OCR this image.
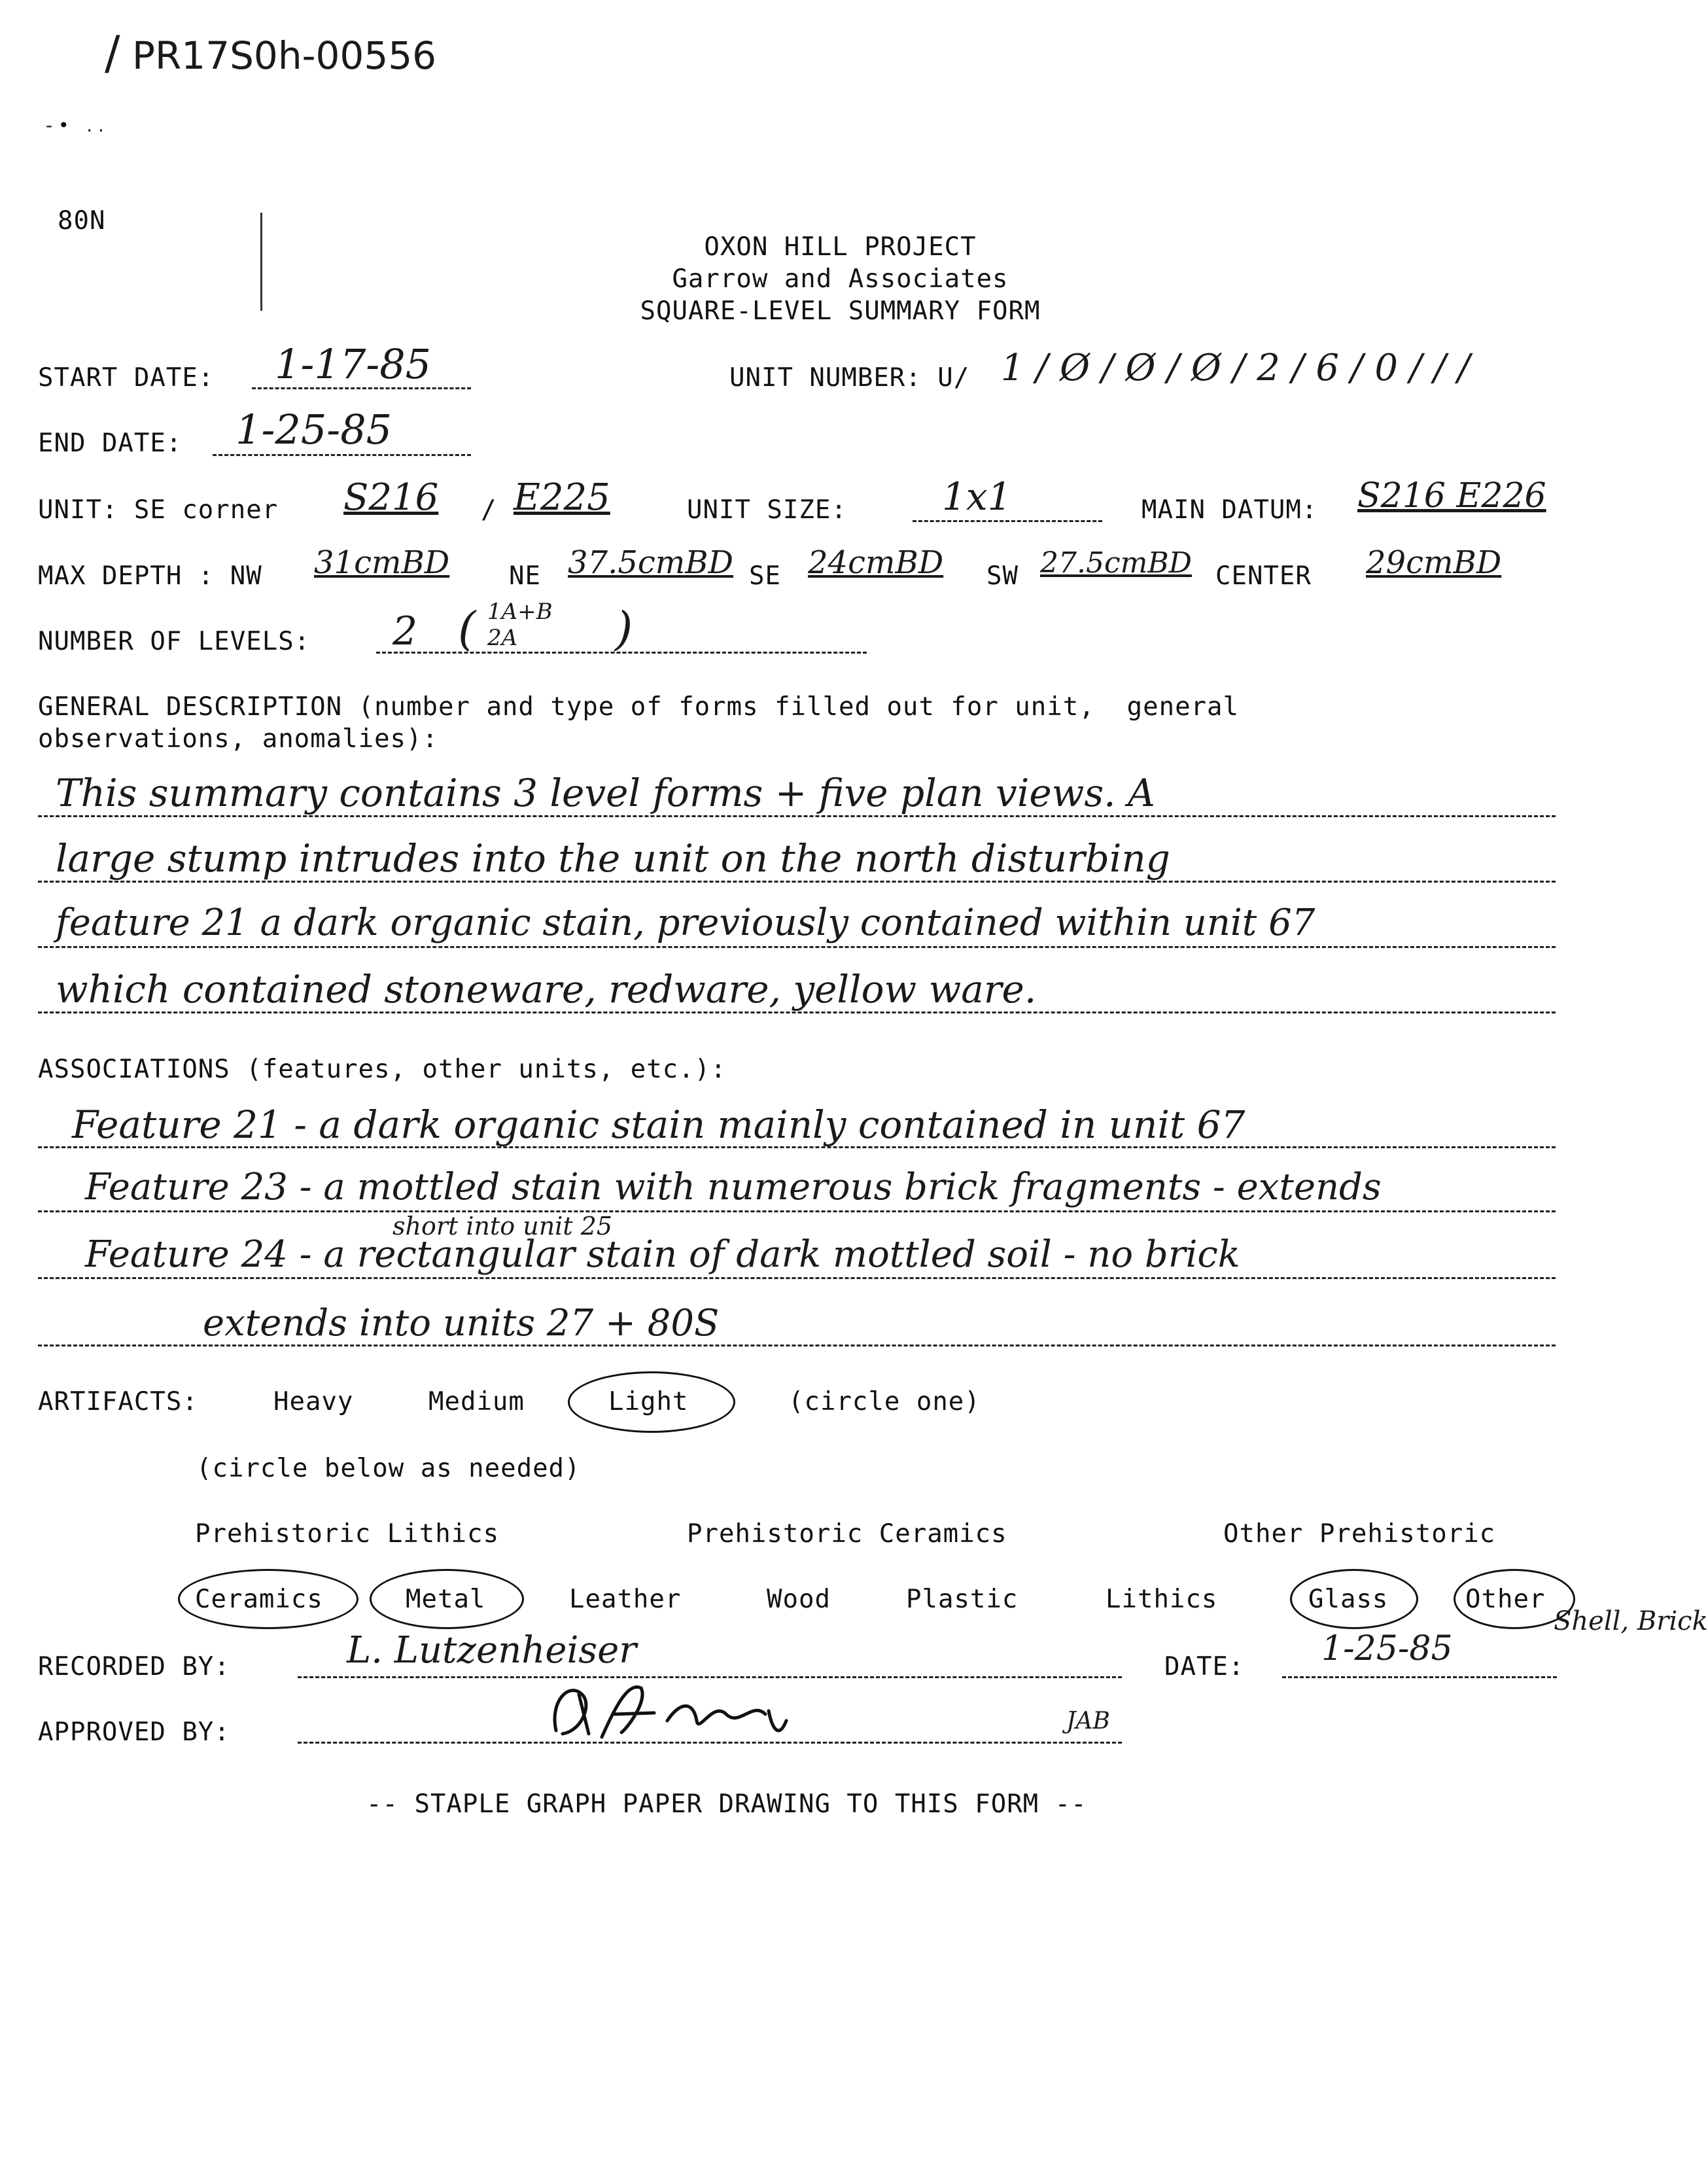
/ PR17S0h-00556
- •   . .
80N
OXON HILL PROJECT
Garrow and Associates
SQUARE-LEVEL SUMMARY FORM
START DATE: 1-17-85	UNIT NUMBER: U/ 1 / Ø / Ø / Ø / 2 / 6 / 0 / / /
END DATE: 1-25-85
UNIT: SE corner S216 / E225	UNIT SIZE:	1x1	MAIN DATUM: S216 E226
MAX DEPTH : NW 31cmBD NE 37.5cmBD SE 24cmBD SW 27.5cmBD CENTER 29cmBD
NUMBER OF LEVELS: 2 ( 1A+B
2A )
GENERAL DESCRIPTION (number and type of forms filled out for unit,  general
observations, anomalies):
This summary contains 3 level forms + five plan views. A
large stump intrudes into the unit on the north disturbing
feature 21 a dark organic stain, previously contained within unit 67
which contained stoneware, redware, yellow ware.
ASSOCIATIONS (features, other units, etc.):
Feature 21 - a dark organic stain mainly contained in unit 67
Feature 23 - a mottled stain with numerous brick fragments - extends
short into unit 25
Feature 24 - a rectangular stain of dark mottled soil - no brick
extends into units 27 + 80S
ARTIFACTS:	Heavy	Medium	Light	(circle one)
(circle below as needed)
Prehistoric Lithics	Prehistoric Ceramics	Other Prehistoric
Ceramics	Metal	Leather	Wood	Plastic	Lithics	Glass	Other
Shell, Brick
RECORDED BY:	L. Lutzenheiser	DATE: 1-25-85
APPROVED BY:	JAB
-- STAPLE GRAPH PAPER DRAWING TO THIS FORM --
